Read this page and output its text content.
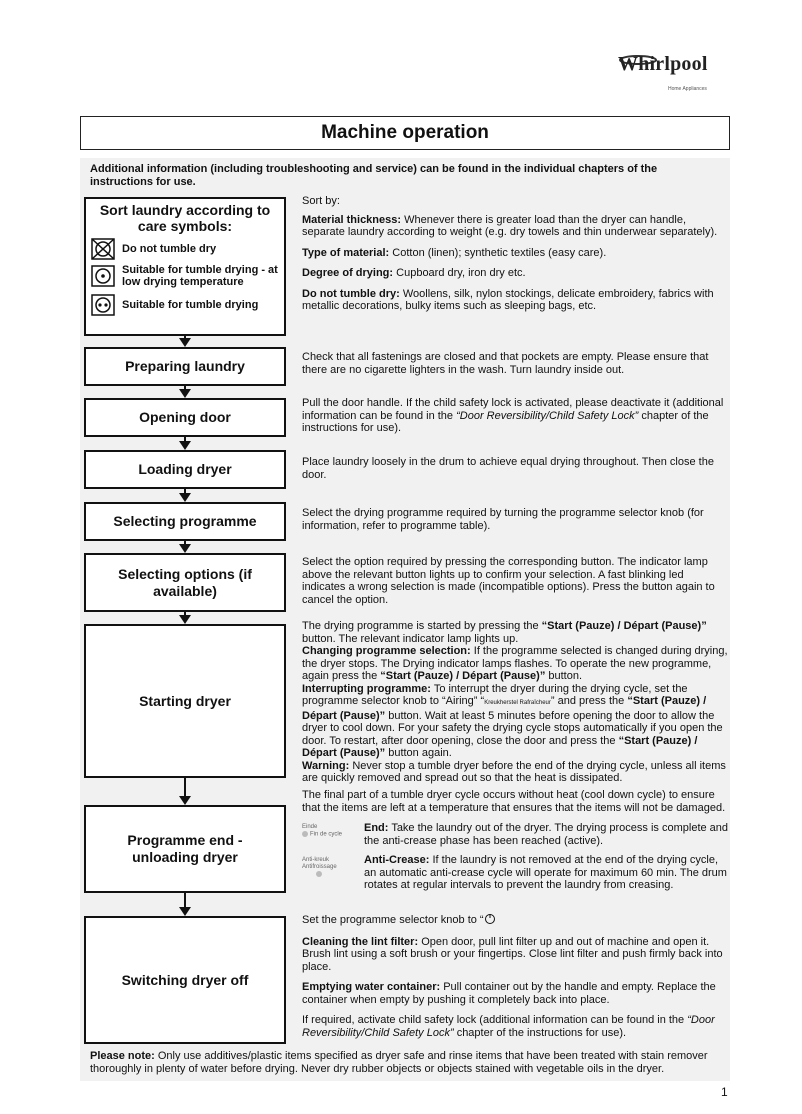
Whirlpool
Home Appliances
Machine operation
Additional information (including troubleshooting and service) can be found in the individual chapters of the instructions for use.
Sort laundry according to care symbols:
Do not tumble dry
Suitable for tumble drying - at low drying temperature
Suitable for tumble drying

Sort by:

Material thickness: Whenever there is greater load than the dryer can handle, separate laundry according to weight (e.g. dry towels and thin underwear separately).

Type of material: Cotton (linen); synthetic textiles (easy care).

Degree of drying: Cupboard dry, iron dry etc.

Do not tumble dry: Woollens, silk, nylon stockings, delicate embroidery, fabrics with metallic decorations, bulky items such as sleeping bags, etc.

Preparing laundry
Opening door
Loading dryer
Selecting programme
Selecting options (if available)
Starting dryer
Programme end - unloading dryer
Switching dryer off
Check that all fastenings are closed and that pockets are empty. Please ensure that there are no cigarette lighters in the wash. Turn laundry inside out.
Pull the door handle. If the child safety lock is activated, please deactivate it (additional information can be found in the “Door Reversibility/Child Safety Lock” chapter of the instructions for use).
Place laundry loosely in the drum to achieve equal drying throughout. Then close the door.
Select the drying programme required by turning the programme selector knob (for information, refer to programme table).
Select the option required by pressing the corresponding button. The indicator lamp above the relevant button lights up to confirm your selection. A fast blinking led indicates a wrong selection is made (incompatible options). Press the button again to cancel the option.
The drying programme is started by pressing the “Start (Pauze) / Départ (Pause)” button. The relevant indicator lamp lights up.
Changing programme selection: If the programme selected is changed during drying, the dryer stops. The Drying indicator lamps flashes. To operate the new programme, again press the “Start (Pauze) / Départ (Pause)” button.
Interrupting programme: To interrupt the dryer during the drying cycle, set the programme selector knob to “Airing” “Kreukherstel Rafraîcheur” and press the “Start (Pauze) / Départ (Pause)” button. Wait at least 5 minutes before opening the door to allow the dryer to cool down. For your safety the drying cycle stops automatically if you open the door. To restart, after door opening, close the door and press the “Start (Pauze) / Départ (Pause)” button again.
Warning: Never stop a tumble dryer before the end of the drying cycle, unless all items are quickly removed and spread out so that the heat is dissipated.

The final part of a tumble dryer cycle occurs without heat (cool down cycle) to ensure that the items are left at a temperature that ensures that the items will not be damaged.

Einde
Fin de cycle
End: Take the laundry out of the dryer. The drying process is complete and the anti-crease phase has been reached (active).
Anti-kreuk
Antifroissage

Anti-Crease: If the laundry is not removed at the end of the drying cycle, an automatic anti-crease cycle will operate for maximum 60 min. The drum rotates at regular intervals to prevent the laundry from creasing.

Set the programme selector knob to “

Cleaning the lint filter: Open door, pull lint filter up and out of machine and open it. Brush lint using a soft brush or your fingertips. Close lint filter and push firmly back into place.

Emptying water container: Pull container out by the handle and empty. Replace the container when empty by pushing it completely back into place.

If required, activate child safety lock (additional information can be found in the “Door Reversibility/Child Safety Lock” chapter of the instructions for use).

Please note: Only use additives/plastic items specified as dryer safe and rinse items that have been treated with stain remover thoroughly in plenty of water before drying. Never dry rubber objects or objects stained with vegetable oils in the dryer.
1
